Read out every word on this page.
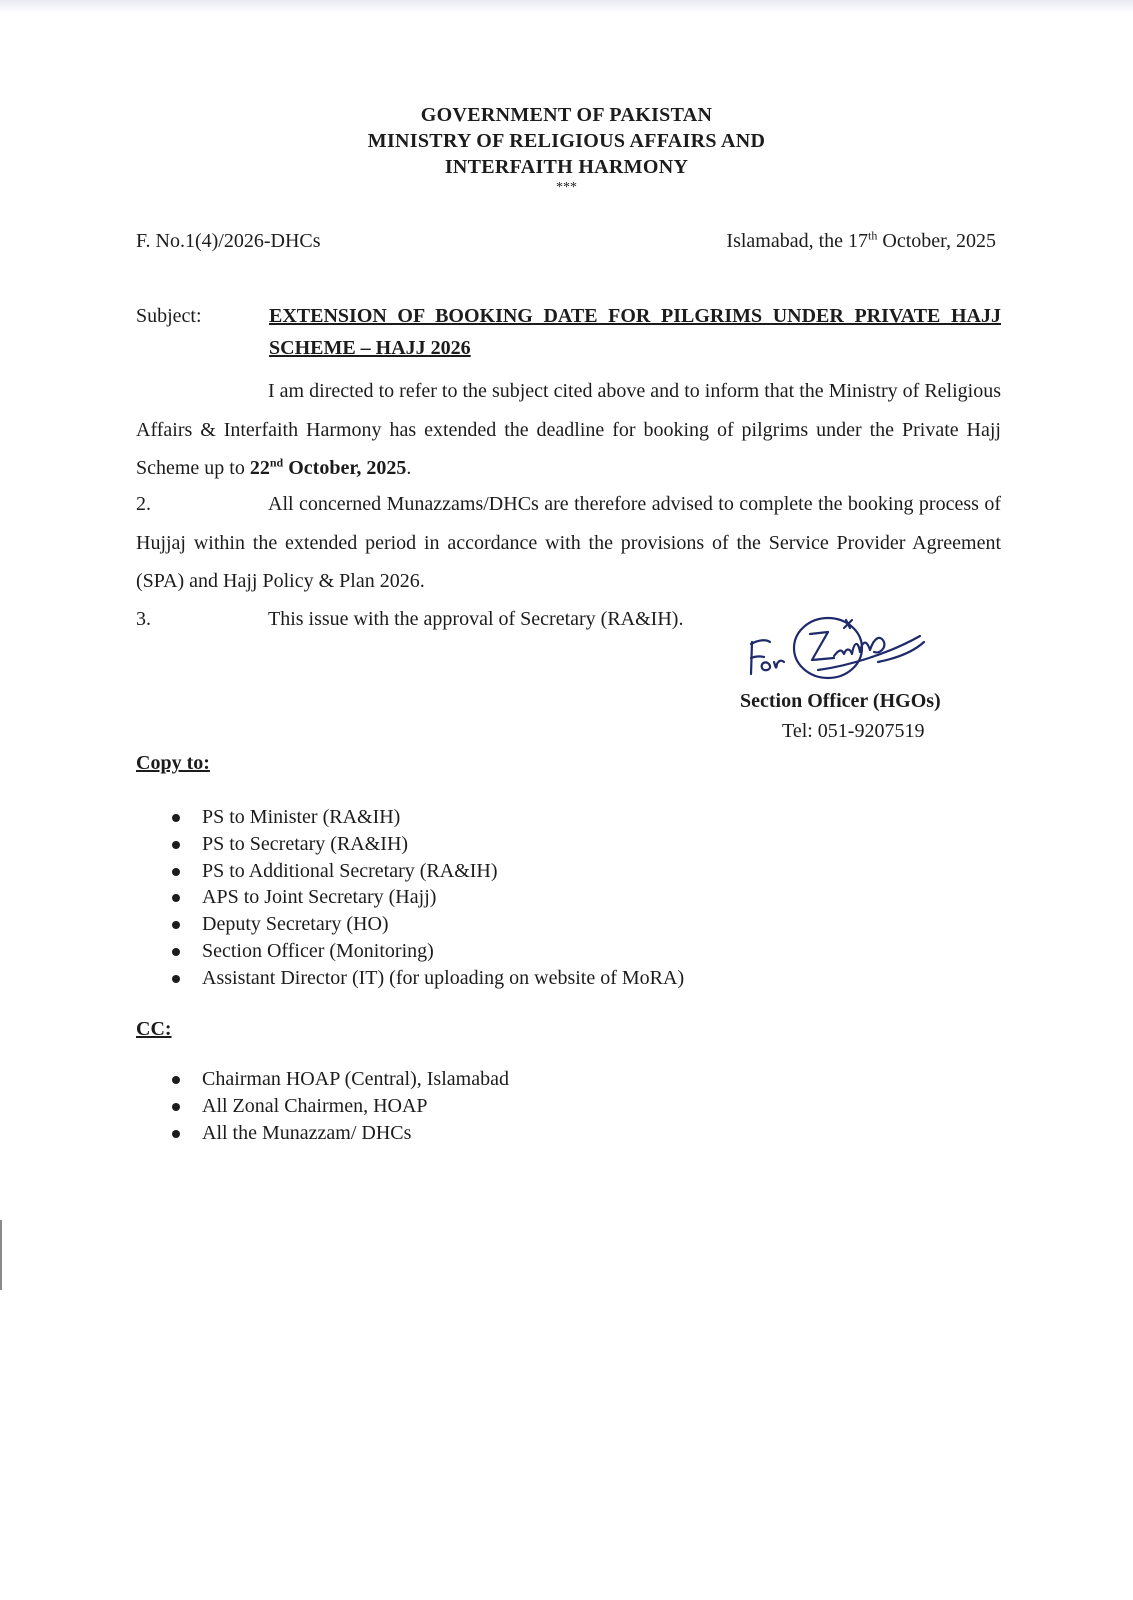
GOVERNMENT OF PAKISTAN
MINISTRY OF RELIGIOUS AFFAIRS AND
INTERFAITH HARMONY
***
F. No.1(4)/2026-DHCs	Islamabad, the 17th October, 2025
Subject:	EXTENSION OF BOOKING DATE FOR PILGRIMS UNDER PRIVATE HAJJ SCHEME – HAJJ 2026
I am directed to refer to the subject cited above and to inform that the Ministry of Religious Affairs & Interfaith Harmony has extended the deadline for booking of pilgrims under the Private Hajj Scheme up to 22nd October, 2025.
2.	All concerned Munazzams/DHCs are therefore advised to complete the booking process of Hujjaj within the extended period in accordance with the provisions of the Service Provider Agreement (SPA) and Hajj Policy & Plan 2026.
3.	This issue with the approval of Secretary (RA&IH).
Section Officer (HGOs)
Tel: 051-9207519
Copy to:
PS to Minister (RA&IH)
PS to Secretary (RA&IH)
PS to Additional Secretary (RA&IH)
APS to Joint Secretary (Hajj)
Deputy Secretary (HO)
Section Officer (Monitoring)
Assistant Director (IT) (for uploading on website of MoRA)
CC:
Chairman HOAP (Central), Islamabad
All Zonal Chairmen, HOAP
All the Munazzam/ DHCs
